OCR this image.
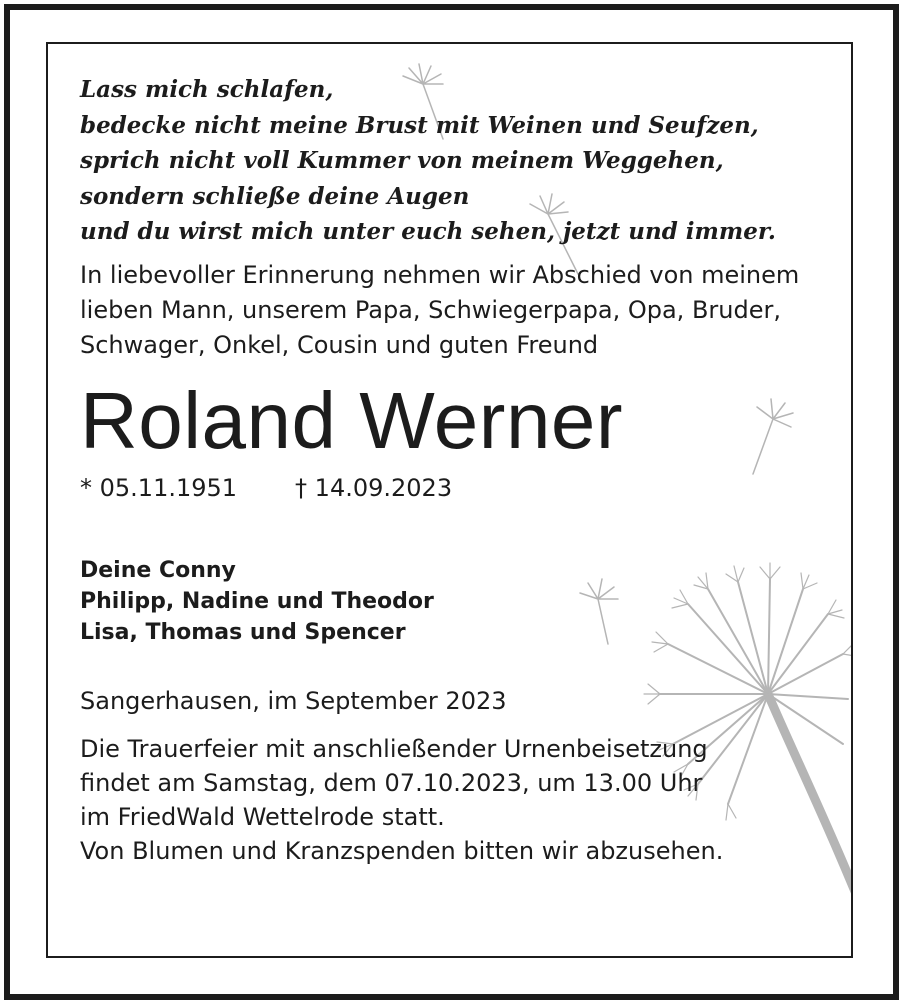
Lass mich schlafen,
bedecke nicht meine Brust mit Weinen und Seufzen,
sprich nicht voll Kummer von meinem Weggehen,
sondern schließe deine Augen
und du wirst mich unter euch sehen, jetzt und immer.

In liebevoller Erinnerung nehmen wir Abschied von meinem lieben Mann, unserem Papa, Schwiegerpapa, Opa, Bruder, Schwager, Onkel, Cousin und guten Freund

Roland Werner
* 05.11.1951 † 14.09.2023
Deine Conny
Philipp, Nadine und Theodor
Lisa, Thomas und Spencer
Sangerhausen, im September 2023
Die Trauerfeier mit anschließender Urnenbeisetzung
findet am Samstag, dem 07.10.2023, um 13.00 Uhr
im FriedWald Wettelrode statt.
Von Blumen und Kranzspenden bitten wir abzusehen.
